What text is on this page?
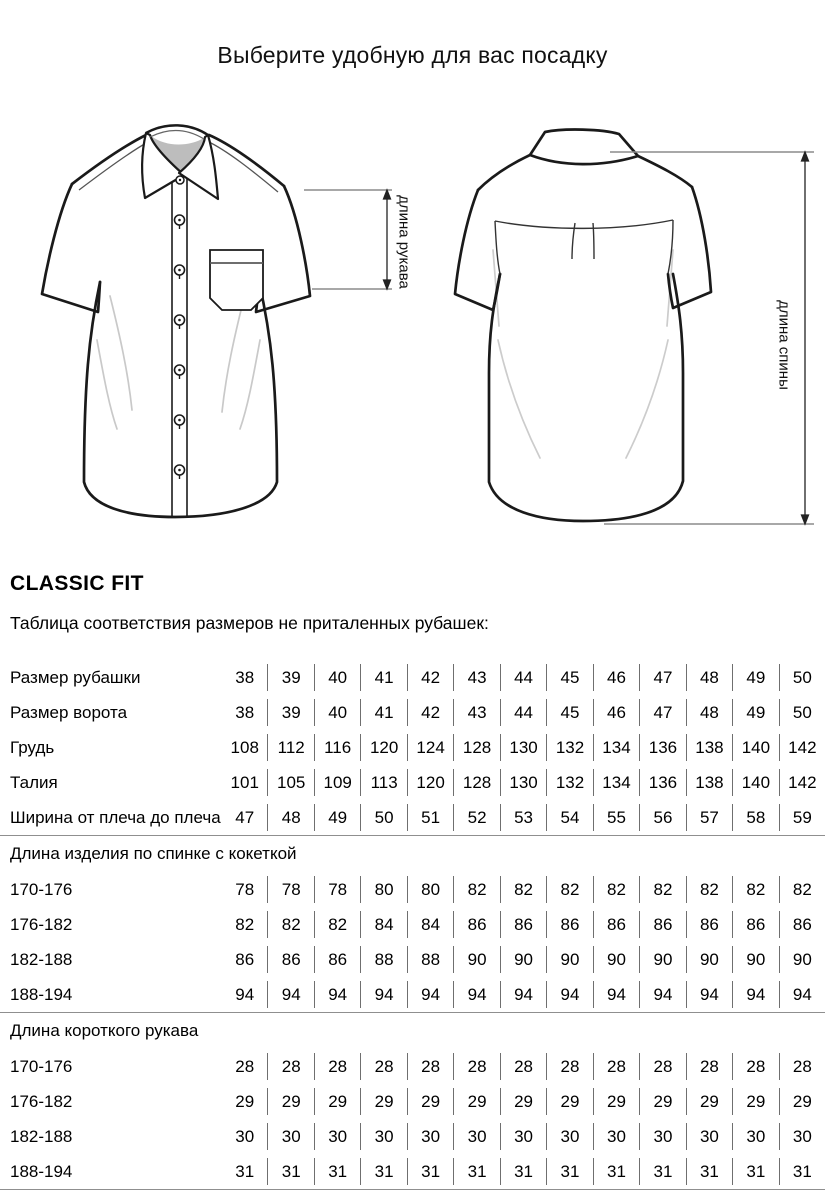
Выберите удобную для вас посадку
длина рукава
длина спины
CLASSIC FIT

Таблица соответствия размеров не приталенных рубашек:

Размер рубашки	38	39	40	41	42	43	44	45	46	47	48	49	50
Размер ворота	38	39	40	41	42	43	44	45	46	47	48	49	50
Грудь	108	112	116	120	124	128	130	132	134	136	138	140	142
Талия	101	105	109	113	120	128	130	132	134	136	138	140	142
Ширина от плеча до плеча 47	48	49	50	51	52	53	54	55	56	57	58	59
Длина изделия по спинке с кокеткой
170-176	78	78	78	80	80	82	82	82	82	82	82	82	82
176-182	82	82	82	84	84	86	86	86	86	86	86	86	86
182-188	86	86	86	88	88	90	90	90	90	90	90	90	90
188-194	94	94	94	94	94	94	94	94	94	94	94	94	94
Длина короткого рукава
170-176	28	28	28	28	28	28	28	28	28	28	28	28	28
176-182	29	29	29	29	29	29	29	29	29	29	29	29	29
182-188	30	30	30	30	30	30	30	30	30	30	30	30	30
188-194	31	31	31	31	31	31	31	31	31	31	31	31	31
